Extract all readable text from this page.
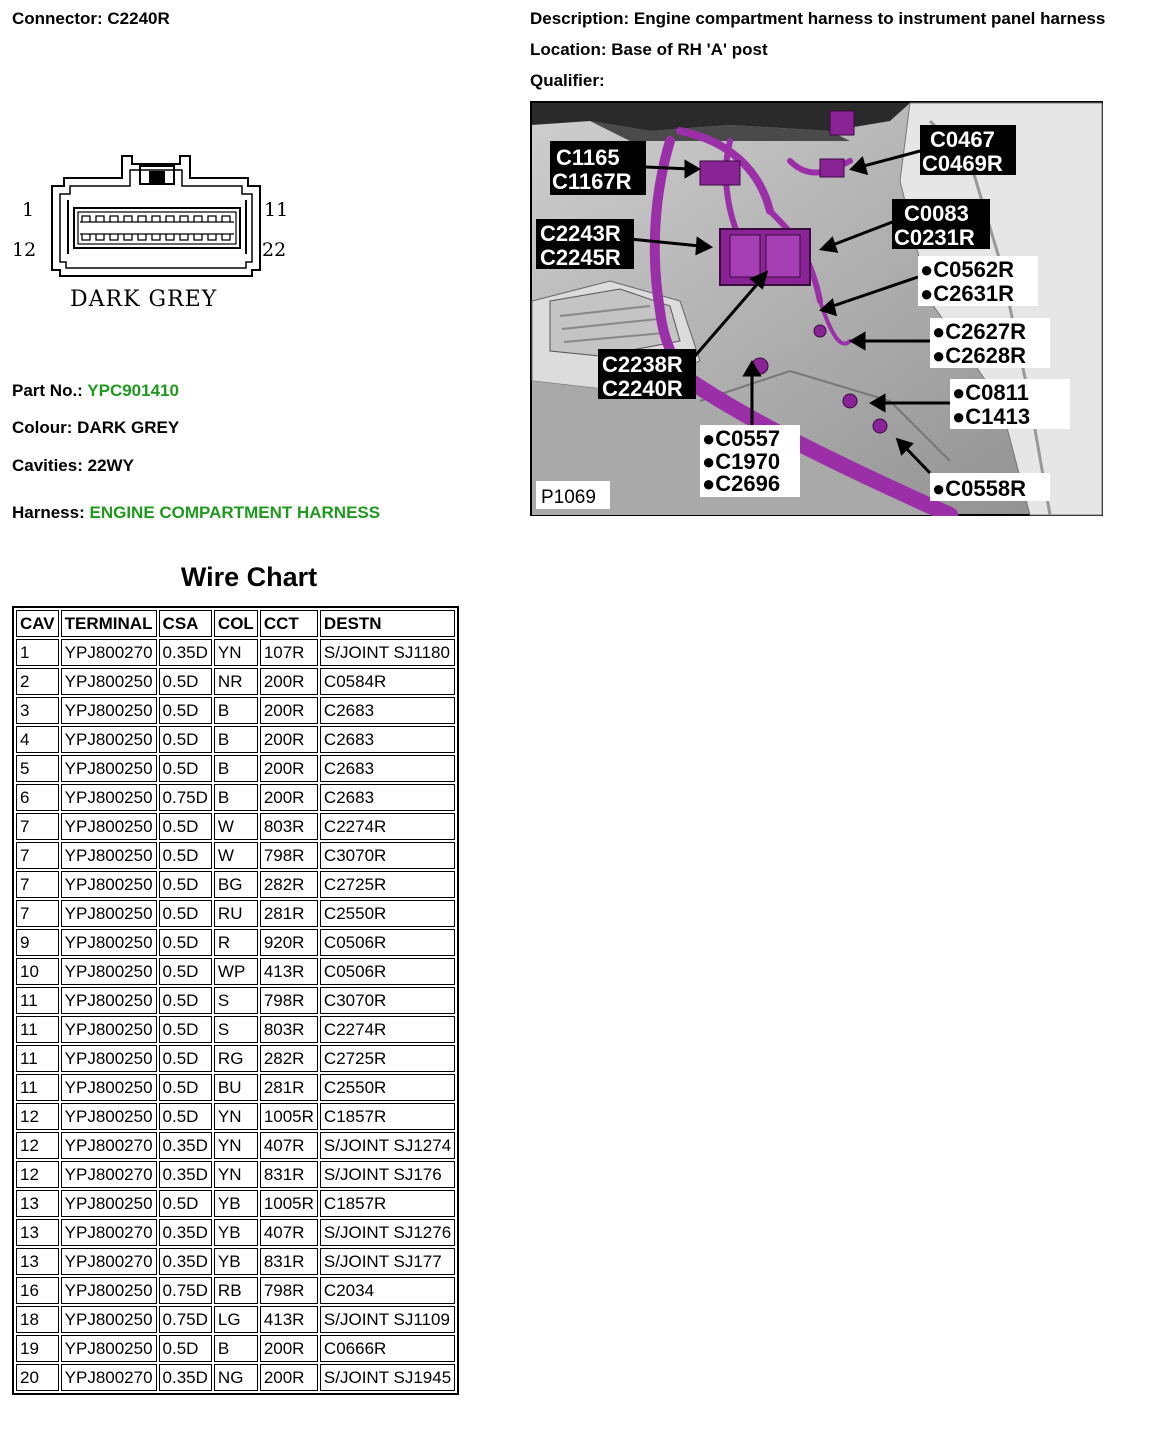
Connector: C2240R	Description: Engine compartment harness to instrument panel harness
Location: Base of RH 'A' post
Qualifier:
1	11
12	22
DARK GREY
Part No.: YPC901410
Colour: DARK GREY
Cavities: 22WY
Harness: ENGINE COMPARTMENT HARNESS
C1165
C1167R
C0467
C0469R
C2243R
C2245R
C0083
C0231R
●C0562R
●C2631R
●C2627R
●C2628R
C2238R
C2240R	●C0811
●C1413
●C0557
●C1970
●C2696	●C0558R
P1069
Wire Chart
CAV	TERMINAL	CSA	COL	CCT	DESTN
1	YPJ800270	0.35D	YN	107R	S/JOINT SJ1180
2	YPJ800250	0.5D	NR	200R	C0584R
3	YPJ800250	0.5D	B	200R	C2683
4	YPJ800250	0.5D	B	200R	C2683
5	YPJ800250	0.5D	B	200R	C2683
6	YPJ800250	0.75D	B	200R	C2683
7	YPJ800250	0.5D	W	803R	C2274R
7	YPJ800250	0.5D	W	798R	C3070R
7	YPJ800250	0.5D	BG	282R	C2725R
7	YPJ800250	0.5D	RU	281R	C2550R
9	YPJ800250	0.5D	R	920R	C0506R
10	YPJ800250	0.5D	WP	413R	C0506R
11	YPJ800250	0.5D	S	798R	C3070R
11	YPJ800250	0.5D	S	803R	C2274R
11	YPJ800250	0.5D	RG	282R	C2725R
11	YPJ800250	0.5D	BU	281R	C2550R
12	YPJ800250	0.5D	YN	1005R	C1857R
12	YPJ800270	0.35D	YN	407R	S/JOINT SJ1274
12	YPJ800270	0.35D	YN	831R	S/JOINT SJ176
13	YPJ800250	0.5D	YB	1005R	C1857R
13	YPJ800270	0.35D	YB	407R	S/JOINT SJ1276
13	YPJ800270	0.35D	YB	831R	S/JOINT SJ177
16	YPJ800250	0.75D	RB	798R	C2034
18	YPJ800250	0.75D	LG	413R	S/JOINT SJ1109
19	YPJ800250	0.5D	B	200R	C0666R
20	YPJ800270	0.35D	NG	200R	S/JOINT SJ1945
